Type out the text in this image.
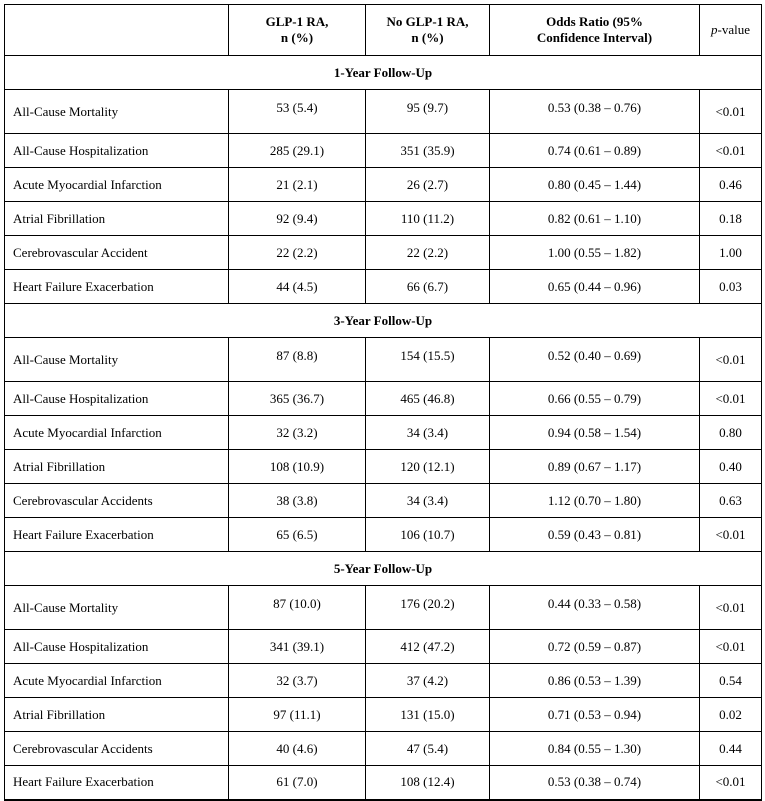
	GLP-1 RA,
n (%)	No GLP-1 RA,
n (%)	Odds Ratio (95%
Confidence Interval)	p-value
1-Year Follow-Up				
All-Cause Mortality	53 (5.4)	95 (9.7)	0.53 (0.38 – 0.76)	<0.01
All-Cause Hospitalization	285 (29.1)	351 (35.9)	0.74 (0.61 – 0.89)	<0.01
Acute Myocardial Infarction	21 (2.1)	26 (2.7)	0.80 (0.45 – 1.44)	0.46
Atrial Fibrillation	92 (9.4)	110 (11.2)	0.82 (0.61 – 1.10)	0.18
Cerebrovascular Accident	22 (2.2)	22 (2.2)	1.00 (0.55 – 1.82)	1.00
Heart Failure Exacerbation	44 (4.5)	66 (6.7)	0.65 (0.44 – 0.96)	0.03
3-Year Follow-Up				
All-Cause Mortality	87 (8.8)	154 (15.5)	0.52 (0.40 – 0.69)	<0.01
All-Cause Hospitalization	365 (36.7)	465 (46.8)	0.66 (0.55 – 0.79)	<0.01
Acute Myocardial Infarction	32 (3.2)	34 (3.4)	0.94 (0.58 – 1.54)	0.80
Atrial Fibrillation	108 (10.9)	120 (12.1)	0.89 (0.67 – 1.17)	0.40
Cerebrovascular Accidents	38 (3.8)	34 (3.4)	1.12 (0.70 – 1.80)	0.63
Heart Failure Exacerbation	65 (6.5)	106 (10.7)	0.59 (0.43 – 0.81)	<0.01
5-Year Follow-Up				
All-Cause Mortality	87 (10.0)	176 (20.2)	0.44 (0.33 – 0.58)	<0.01
All-Cause Hospitalization	341 (39.1)	412 (47.2)	0.72 (0.59 – 0.87)	<0.01
Acute Myocardial Infarction	32 (3.7)	37 (4.2)	0.86 (0.53 – 1.39)	0.54
Atrial Fibrillation	97 (11.1)	131 (15.0)	0.71 (0.53 – 0.94)	0.02
Cerebrovascular Accidents	40 (4.6)	47 (5.4)	0.84 (0.55 – 1.30)	0.44
Heart Failure Exacerbation	61 (7.0)	108 (12.4)	0.53 (0.38 – 0.74)	<0.01
